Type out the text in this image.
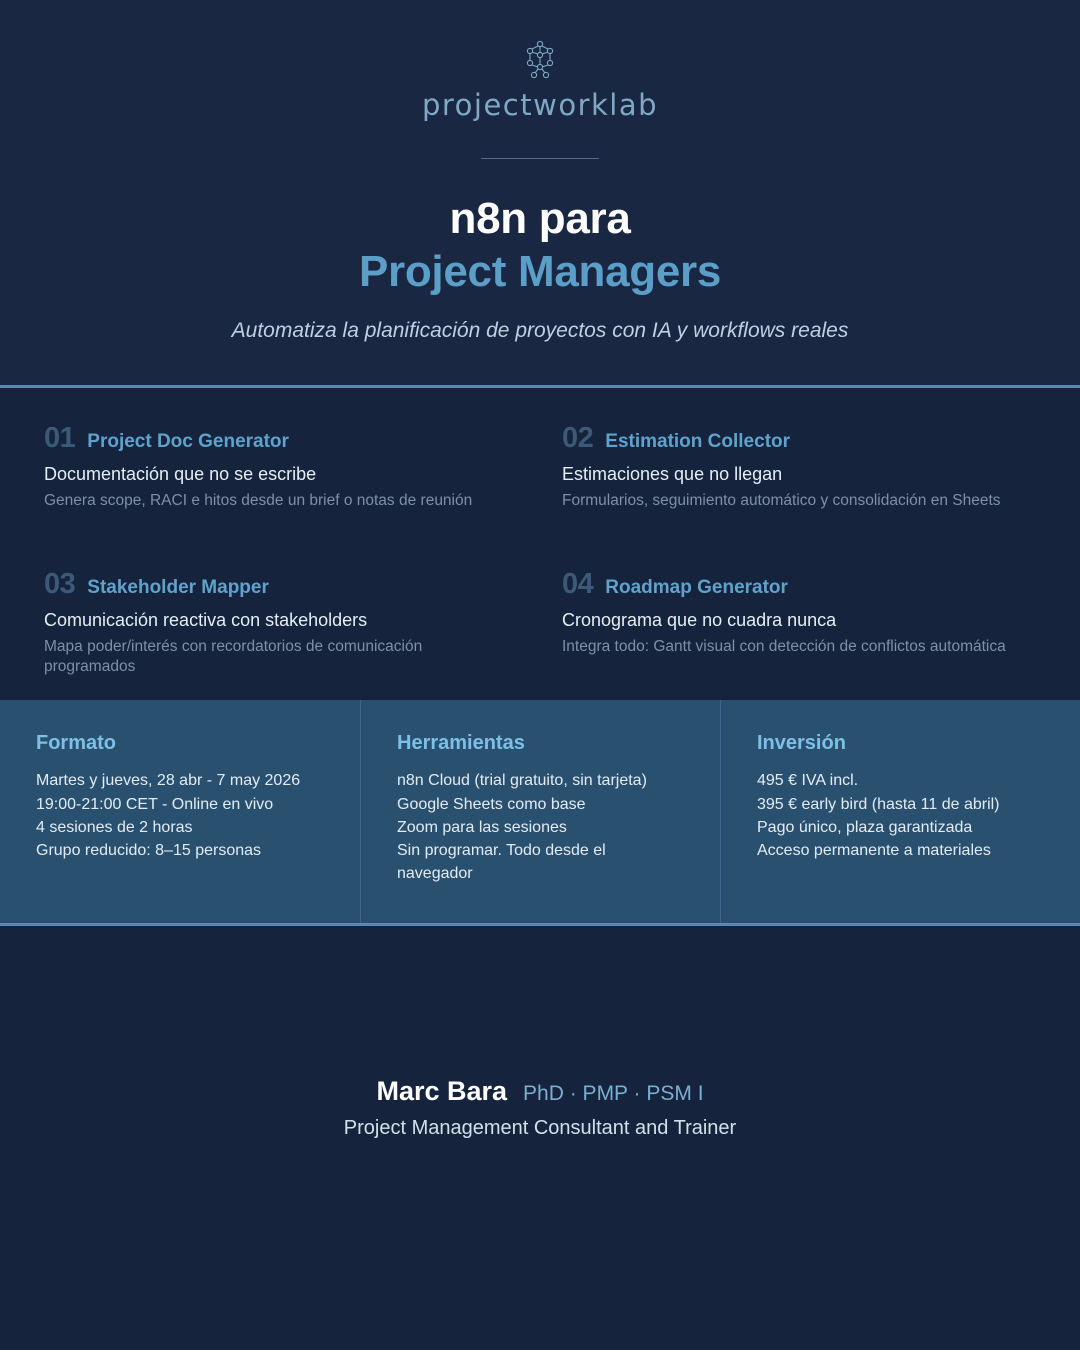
projectworklab
n8n para
Project Managers
Automatiza la planificación de proyectos con IA y workflows reales
01 Project Doc Generator
Documentación que no se escribe
Genera scope, RACI e hitos desde un brief o notas de reunión
02 Estimation Collector
Estimaciones que no llegan
Formularios, seguimiento automático y consolidación en Sheets
03 Stakeholder Mapper
Comunicación reactiva con stakeholders
Mapa poder/interés con recordatorios de comunicación programados
04 Roadmap Generator
Cronograma que no cuadra nunca
Integra todo: Gantt visual con detección de conflictos automática
Formato
Martes y jueves, 28 abr - 7 may 2026
19:00-21:00 CET - Online en vivo
4 sesiones de 2 horas
Grupo reducido: 8–15 personas
Herramientas
n8n Cloud (trial gratuito, sin tarjeta)
Google Sheets como base
Zoom para las sesiones
Sin programar. Todo desde el navegador
Inversión
495 € IVA incl.
395 € early bird (hasta 11 de abril)
Pago único, plaza garantizada
Acceso permanente a materiales
Marc Bara PhD · PMP · PSM I
Project Management Consultant and Trainer
